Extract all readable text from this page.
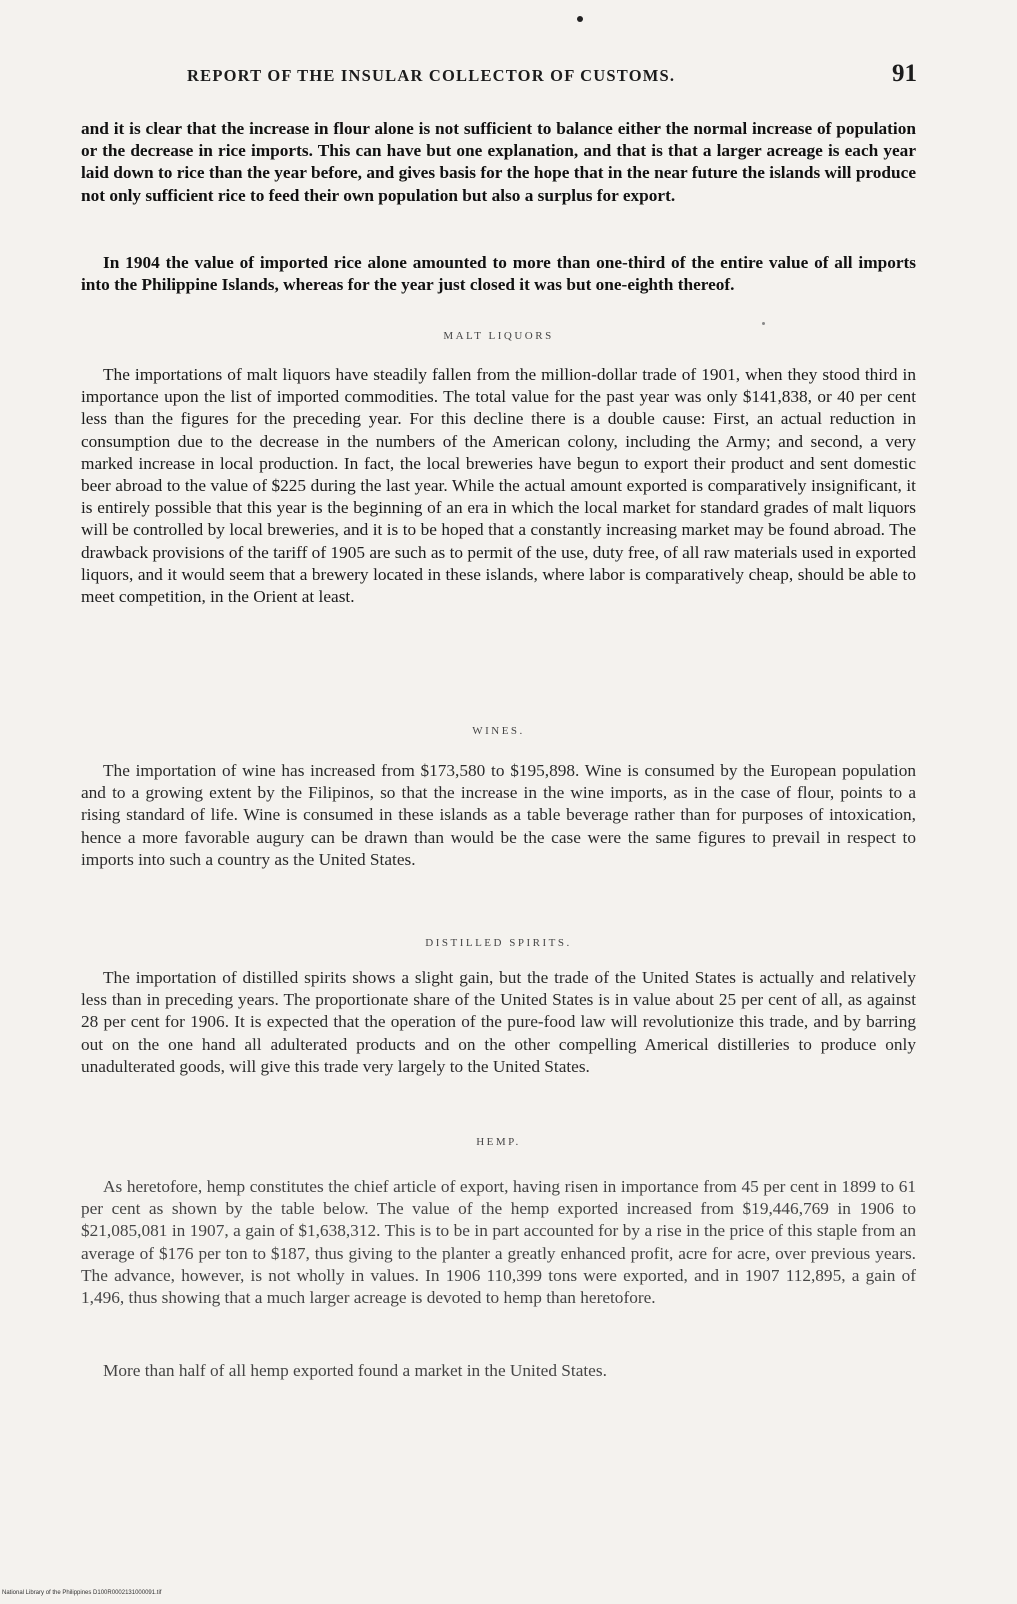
REPORT OF THE INSULAR COLLECTOR OF CUSTOMS.	91

and it is clear that the increase in flour alone is not sufficient to balance either the normal increase of population or the decrease in rice imports. This can have but one explanation, and that is that a larger acreage is each year laid down to rice than the year before, and gives basis for the hope that in the near future the islands will produce not only sufficient rice to feed their own population but also a surplus for export.

In 1904 the value of imported rice alone amounted to more than one-third of the entire value of all imports into the Philippine Islands, whereas for the year just closed it was but one-eighth thereof.

MALT LIQUORS

The importations of malt liquors have steadily fallen from the million-dollar trade of 1901, when they stood third in importance upon the list of imported commodities. The total value for the past year was only $141,838, or 40 per cent less than the figures for the preceding year. For this decline there is a double cause: First, an actual reduction in consumption due to the decrease in the numbers of the American colony, including the Army; and second, a very marked increase in local production. In fact, the local breweries have begun to export their product and sent domestic beer abroad to the value of $225 during the last year. While the actual amount exported is comparatively insignificant, it is entirely possible that this year is the beginning of an era in which the local market for standard grades of malt liquors will be controlled by local breweries, and it is to be hoped that a constantly increasing market may be found abroad. The drawback provisions of the tariff of 1905 are such as to permit of the use, duty free, of all raw materials used in exported liquors, and it would seem that a brewery located in these islands, where labor is comparatively cheap, should be able to meet competition, in the Orient at least.

WINES.

The importation of wine has increased from $173,580 to $195,898. Wine is consumed by the European population and to a growing extent by the Filipinos, so that the increase in the wine imports, as in the case of flour, points to a rising standard of life. Wine is consumed in these islands as a table beverage rather than for purposes of intoxication, hence a more favorable augury can be drawn than would be the case were the same figures to prevail in respect to imports into such a country as the United States.

DISTILLED SPIRITS.

The importation of distilled spirits shows a slight gain, but the trade of the United States is actually and relatively less than in preceding years. The proportionate share of the United States is in value about 25 per cent of all, as against 28 per cent for 1906. It is expected that the operation of the pure-food law will revolutionize this trade, and by barring out on the one hand all adulterated products and on the other compelling Americal distilleries to produce only unadulterated goods, will give this trade very largely to the United States.

HEMP.

As heretofore, hemp constitutes the chief article of export, having risen in importance from 45 per cent in 1899 to 61 per cent as shown by the table below. The value of the hemp exported increased from $19,446,769 in 1906 to $21,085,081 in 1907, a gain of $1,638,312. This is to be in part accounted for by a rise in the price of this staple from an average of $176 per ton to $187, thus giving to the planter a greatly enhanced profit, acre for acre, over previous years. The advance, however, is not wholly in values. In 1906 110,399 tons were exported, and in 1907 112,895, a gain of 1,496, thus showing that a much larger acreage is devoted to hemp than heretofore.

More than half of all hemp exported found a market in the United States.

National Library of the Philippines D100R0002131000091.tif
